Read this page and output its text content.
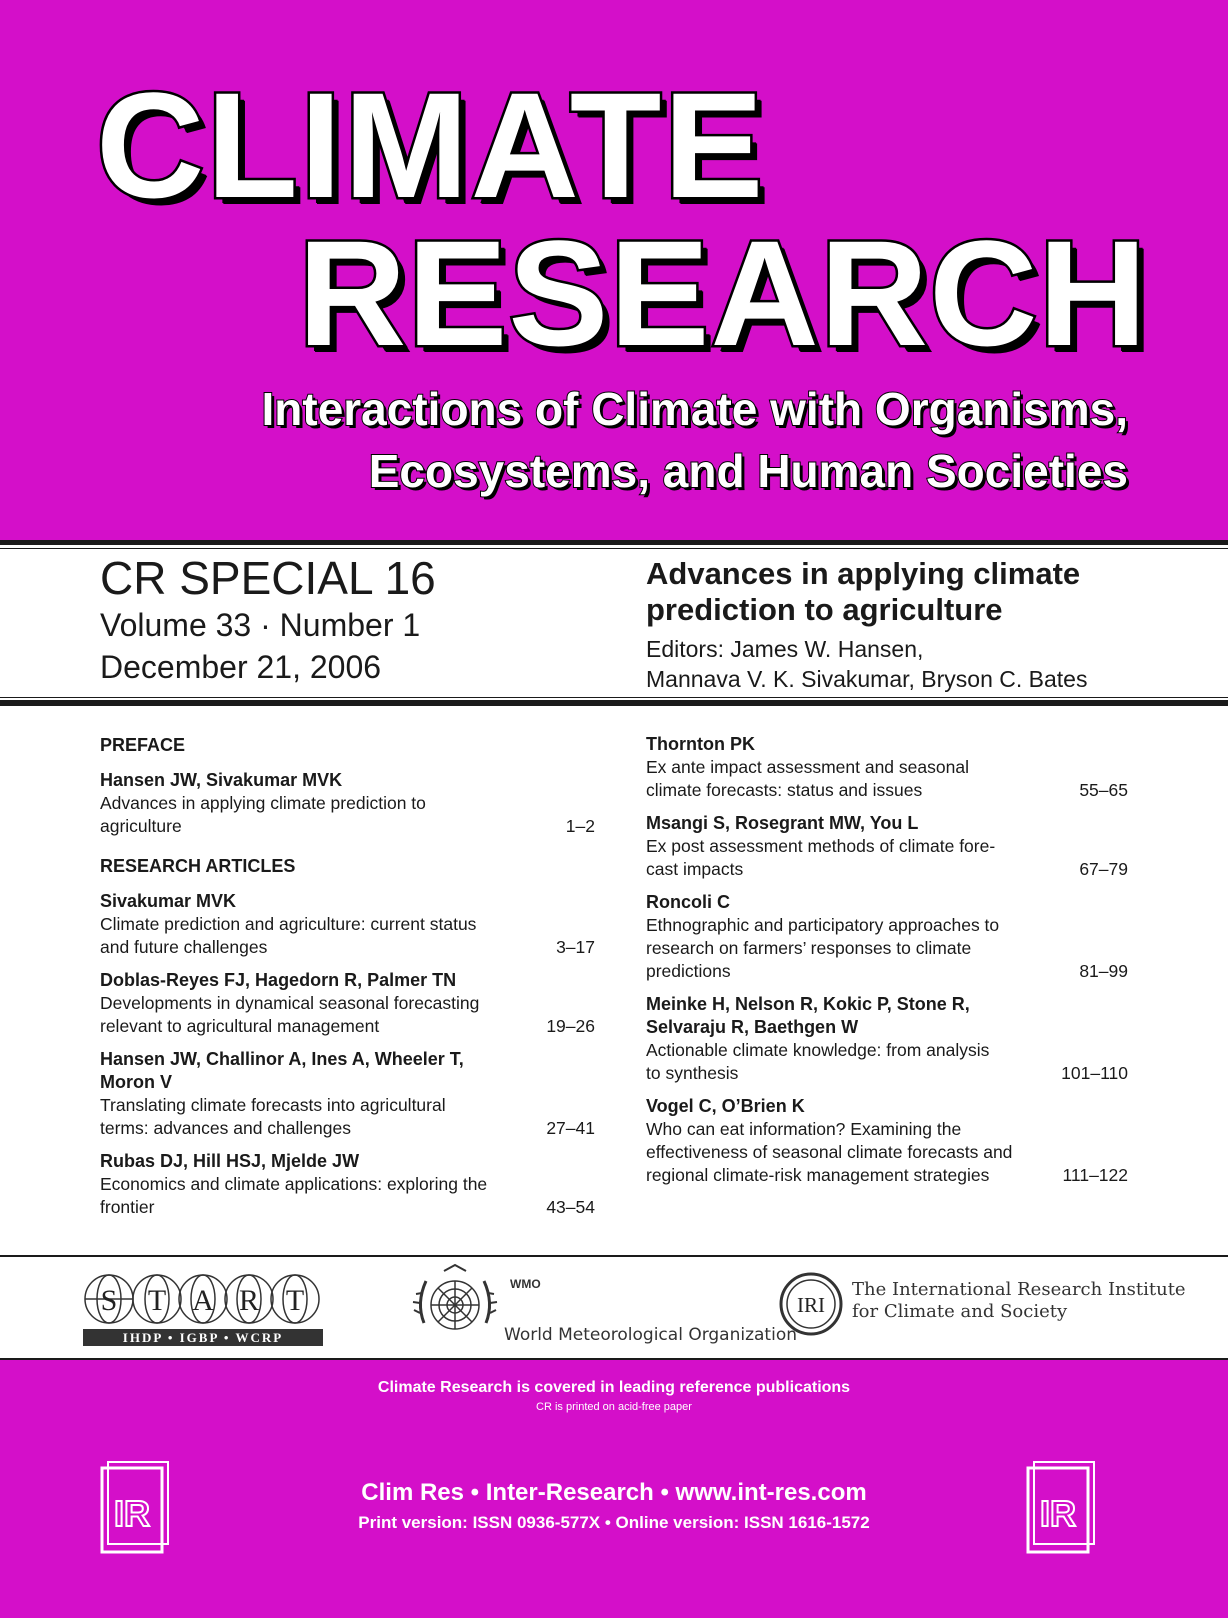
CLIMATE
RESEARCH
Interactions of Climate with Organisms,
Ecosystems, and Human Societies
CR SPECIAL 16
Volume 33 · Number 1
December 21, 2006
Advances in applying climate
prediction to agriculture
Editors: James W. Hansen,
Mannava V. K. Sivakumar, Bryson C. Bates
PREFACE
Hansen JW, Sivakumar MVK
Advances in applying climate prediction to
agriculture	1–2
RESEARCH ARTICLES
Sivakumar MVK
Climate prediction and agriculture: current status
and future challenges	3–17
Doblas-Reyes FJ, Hagedorn R, Palmer TN
Developments in dynamical seasonal forecasting
relevant to agricultural management	19–26
Hansen JW, Challinor A, Ines A, Wheeler T,
Moron V
Translating climate forecasts into agricultural
terms: advances and challenges	27–41
Rubas DJ, Hill HSJ, Mjelde JW
Economics and climate applications: exploring the
frontier	43–54
Thornton PK
Ex ante impact assessment and seasonal
climate forecasts: status and issues	55–65
Msangi S, Rosegrant MW, You L
Ex post assessment methods of climate fore-
cast impacts	67–79
Roncoli C
Ethnographic and participatory approaches to
research on farmers’ responses to climate
predictions	81–99
Meinke H, Nelson R, Kokic P, Stone R,
Selvaraju R, Baethgen W
Actionable climate knowledge: from analysis
to synthesis	101–110
Vogel C, O’Brien K
Who can eat information? Examining the
effectiveness of seasonal climate forecasts and
regional climate-risk management strategies	111–122
S T A R T
IHDP • IGBP • WCRP
WMO
World Meteorological Organization
IRI
The International Research Institute
for Climate and Society
Climate Research is covered in leading reference publications
CR is printed on acid-free paper
IR
Clim Res • Inter-Research • www.int-res.com
Print version: ISSN 0936-577X • Online version: ISSN 1616-1572	IR
